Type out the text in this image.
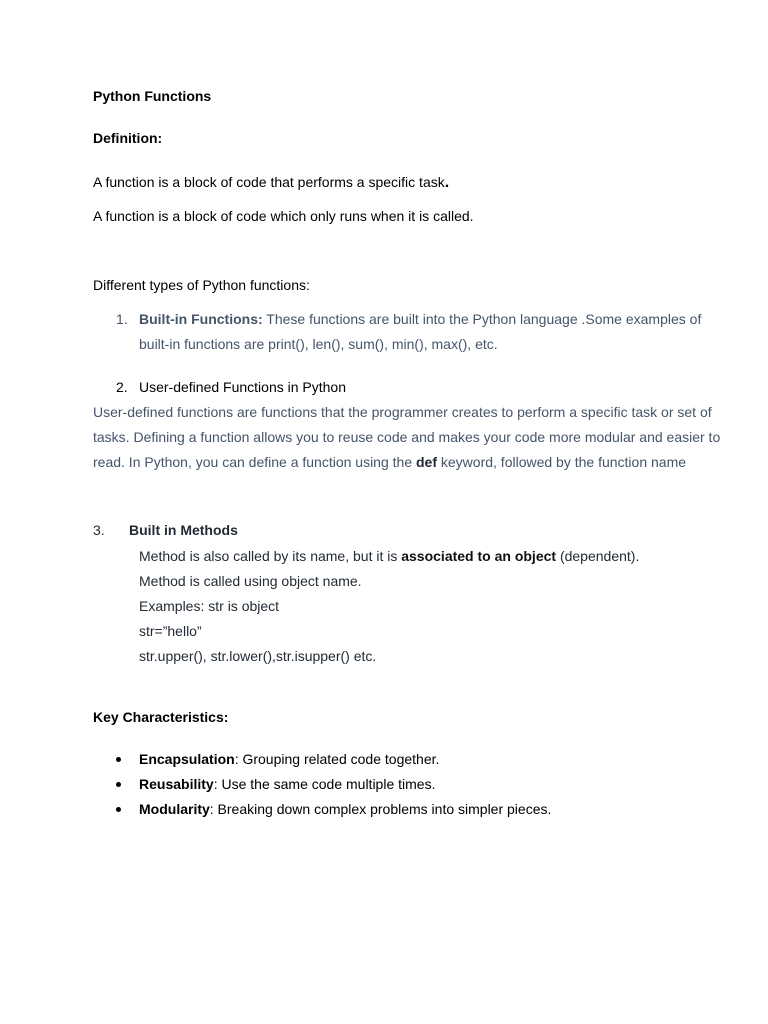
Python Functions
Definition:
A function is a block of code that performs a specific task.
A function is a block of code which only runs when it is called.
Different types of Python functions:
1. Built-in Functions: These functions are built into the Python language .Some examples of
built-in functions are print(), len(), sum(), min(), max(), etc.
2. User-defined Functions in Python
User-defined functions are functions that the programmer creates to perform a specific task or set of
tasks. Defining a function allows you to reuse code and makes your code more modular and easier to
read. In Python, you can define a function using the def keyword, followed by the function name
3. Built in Methods
Method is also called by its name, but it is associated to an object (dependent).
Method is called using object name.
Examples: str is object
str=”hello”
str.upper(), str.lower(),str.isupper() etc.
Key Characteristics:
Encapsulation: Grouping related code together.
Reusability: Use the same code multiple times.
Modularity: Breaking down complex problems into simpler pieces.
